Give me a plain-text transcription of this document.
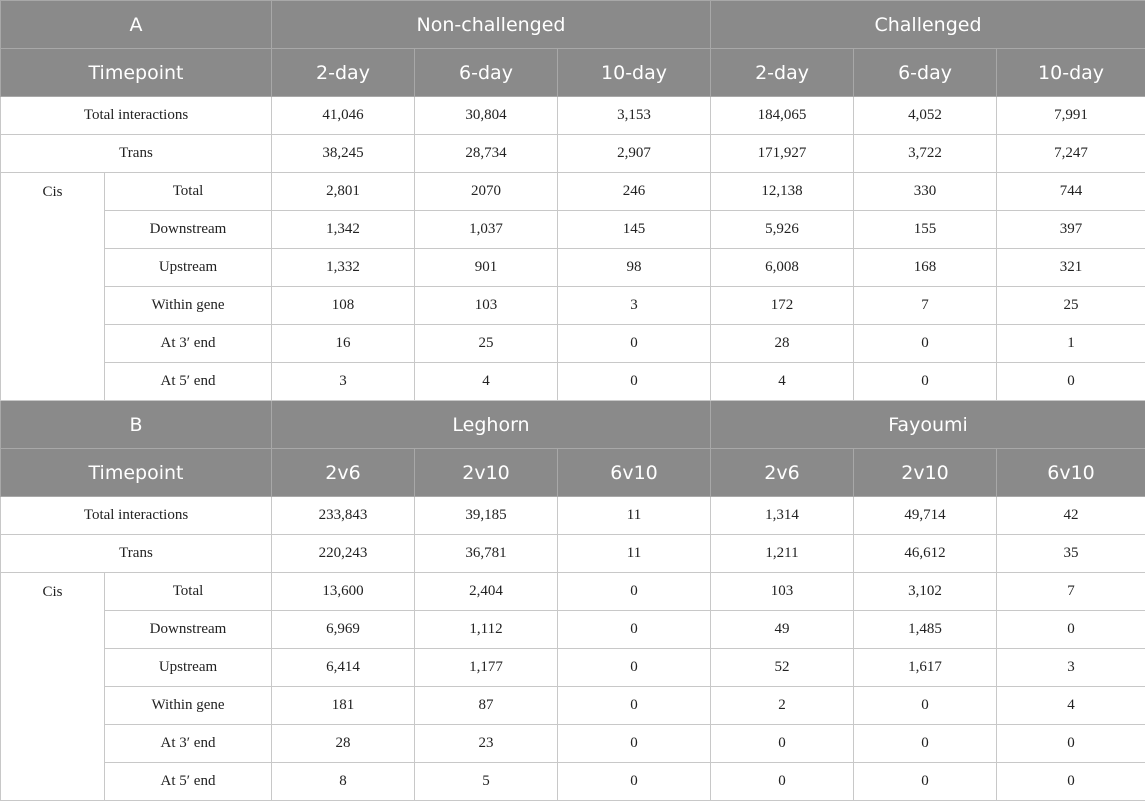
A		Non-challenged			Challenged		
Timepoint		2-day	6-day	10-day	2-day	6-day	10-day
Total interactions		41,046	30,804	3,153	184,065	4,052	7,991
Trans		38,245	28,734	2,907	171,927	3,722	7,247
Cis	Total	2,801	2070	246	12,138	330	744
	Downstream	1,342	1,037	145	5,926	155	397
	Upstream	1,332	901	98	6,008	168	321
	Within gene	108	103	3	172	7	25
	At 3′ end	16	25	0	28	0	1
	At 5′ end	3	4	0	4	0	0
B		Leghorn			Fayoumi		
Timepoint		2v6	2v10	6v10	2v6	2v10	6v10
Total interactions		233,843	39,185	11	1,314	49,714	42
Trans		220,243	36,781	11	1,211	46,612	35
Cis	Total	13,600	2,404	0	103	3,102	7
	Downstream	6,969	1,112	0	49	1,485	0
	Upstream	6,414	1,177	0	52	1,617	3
	Within gene	181	87	0	2	0	4
	At 3′ end	28	23	0	0	0	0
	At 5′ end	8	5	0	0	0	0
